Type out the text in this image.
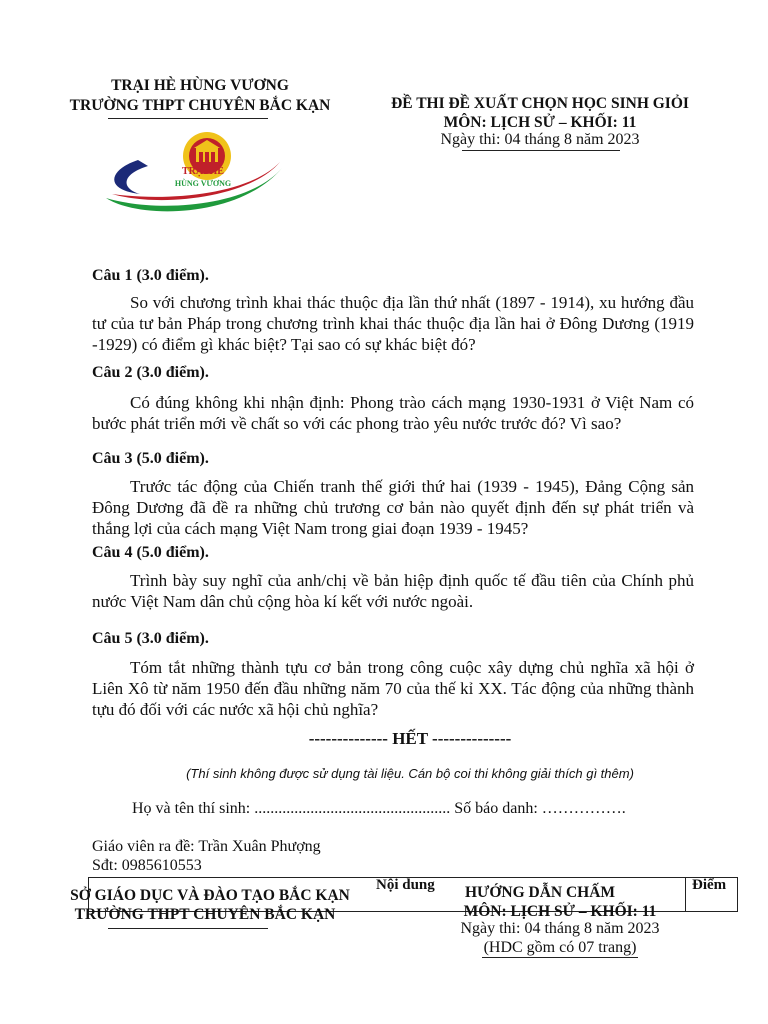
TRẠI HÈ HÙNG VƯƠNG
TRƯỜNG THPT CHUYÊN BẮC KẠN
TRẠI HÈ
HÙNG VƯƠNG
ĐỀ THI ĐỀ XUẤT CHỌN HỌC SINH GIỎI
MÔN: LỊCH SỬ – KHỐI: 11
Ngày thi: 04 tháng 8 năm 2023
Câu 1 (3.0 điểm).
So với chương trình khai thác thuộc địa lần thứ nhất (1897 - 1914), xu hướng đầu tư của tư bản Pháp trong chương trình khai thác thuộc địa lần hai ở Đông Dương (1919 -1929) có điểm gì khác biệt? Tại sao có sự khác biệt đó?
Câu 2 (3.0 điểm).
Có đúng không khi nhận định: Phong trào cách mạng 1930-1931 ở Việt Nam có bước phát triển mới về chất so với các phong trào yêu nước trước đó? Vì sao?
Câu 3 (5.0 điểm).
Trước tác động của Chiến tranh thế giới thứ hai (1939 - 1945), Đảng Cộng sản Đông Dương đã đề ra những chủ trương cơ bản nào quyết định đến sự phát triển và thắng lợi của cách mạng Việt Nam trong giai đoạn 1939 - 1945?
Câu 4 (5.0 điểm).
Trình bày suy nghĩ của anh/chị về bản hiệp định quốc tế đầu tiên của Chính phủ nước Việt Nam dân chủ cộng hòa kí kết với nước ngoài.
Câu 5 (3.0 điểm).
Tóm tắt những thành tựu cơ bản trong công cuộc xây dựng chủ nghĩa xã hội ở Liên Xô từ năm 1950 đến đầu những năm 70 của thế kỉ XX. Tác động của những thành tựu đó đối với các nước xã hội chủ nghĩa?
-------------- HẾT --------------
(Thí sinh không được sử dụng tài liệu. Cán bộ coi thi không giải thích gì thêm)
Họ và tên thí sinh: ................................................. Số báo danh: …………….
Giáo viên ra đề: Trần Xuân Phượng
Sđt: 0985610553
Nội dung	Điểm
SỞ GIÁO DỤC VÀ ĐÀO TẠO BẮC KẠN
TRƯỜNG THPT CHUYÊN BẮC KẠN
HƯỚNG DẪN CHẤM
MÔN: LỊCH SỬ – KHỐI: 11
Ngày thi: 04 tháng 8 năm 2023
(HDC gồm có 07 trang)
